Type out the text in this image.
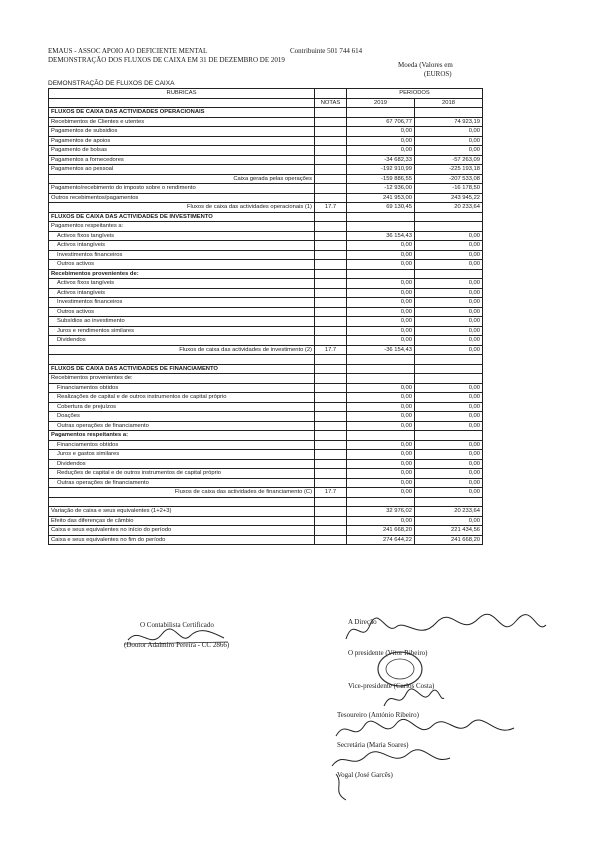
EMAUS - ASSOC APOIO AO DEFICIENTE MENTAL	Contribuinte 501 744 614
DEMONSTRAÇÃO DOS FLUXOS DE CAIXA EM 31 DE DEZEMBRO DE 2019
Moeda (Valores em
(EUROS)
DEMONSTRAÇÃO DE FLUXOS DE CAIXA
RUBRICAS		PERIODOS	
	NOTAS	2019	2018
FLUXOS DE CAIXA DAS ACTIVIDADES OPERACIONAIS			
Recebimentos de Clientes e utentes		67 706,77	74 923,19
Pagamentos de subsidios		0,00	0,00
Pagamentos de apoios		0,00	0,00
Pagamento de bolsas		0,00	0,00
Pagamentos a fornecedores		-34 682,33	-57 263,09
Pagamentos ao pessoal		-192 910,99	-225 193,18
Caixa gerada pelas operações		-159 886,55	-207 533,08
Pagamento/recebimento do imposto sobre o rendimento		-12 936,00	-16 178,50
Outros recebimentos/pagamentos		241 953,00	243 945,22
Fluxos de caixa das actividades operacionais (1)	17.7	69 130,45	20 233,64
FLUXOS DE CAIXA DAS ACTIVIDADES DE INVESTIMENTO			
Pagamentos respeitantes a:			
Activos fixos tangíveis		36 154,43	0,00
Activos intangíveis		0,00	0,00
Investimentos financeiros		0,00	0,00
Outros activos		0,00	0,00
Recebimentos provenientes de:			
Activos fixos tangíveis		0,00	0,00
Activos intangíveis		0,00	0,00
Investimentos financeiros		0,00	0,00
Outros activos		0,00	0,00
Subsídios ao investimento		0,00	0,00
Juros e rendimentos similares		0,00	0,00
Dividendos		0,00	0,00
Fluxos de caixa das actividades de investimento (2)	17.7	-36 154,43	0,00

FLUXOS DE CAIXA DAS ACTIVIDADES DE FINANCIAMENTO			
Recebimentos provenientes de:			
Financiamentos obtidos		0,00	0,00
Realizações de capital e de outros instrumentos de capital próprio		0,00	0,00
Cobertura de prejuízos		0,00	0,00
Doações		0,00	0,00
Outras operações de financiamento		0,00	0,00
Pagamentos respeitantes a:			
Financiamentos obtidos		0,00	0,00
Juros e gastos similares		0,00	0,00
Dividendos		0,00	0,00
Reduções de capital e de outros instrumentos de capital próprio		0,00	0,00
Outras operações de financiamento		0,00	0,00
Fluxos de caixa das actividades de financiamento (C)	17.7	0,00	0,00

Variação de caixa e seus equivalentes (1+2+3)		32 976,02	20 233,64
Efeito das diferenças de câmbio		0,00	0,00
Caixa e seus equivalentes no início do período		241 668,20	221 434,56
Caixa e seus equivalentes no fim do período		274 644,22	241 668,20
O Contabilista Certificado
(Doutor Adalmiro Pereira - CC 2866)
A Direção
O presidente (Vítor Ribeiro)
Vice-presidente (Carlos Costa)
Tesoureiro (António Ribeiro)
Secretária (Maria Soares)
Vogal (José Garcês)
